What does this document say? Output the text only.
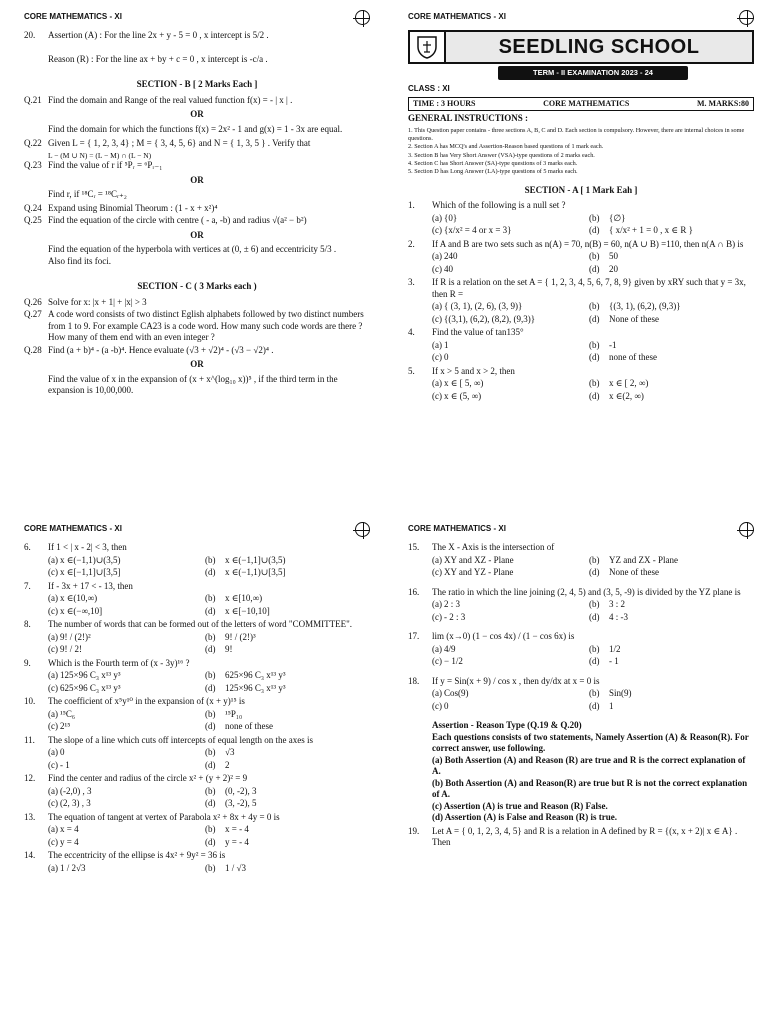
CORE MATHEMATICS - XI
20.	Assertion (A) : For the line 2x + y - 5 = 0 , x intercept is 5/2 .
Reason (R) : For the line ax + by + c = 0 , x intercept is -c/a .
SECTION - B [ 2 Marks Each ]
Q.21 Find the domain and Range of the real valued function f(x) = - | x | .
OR
Find the domain for which the functions f(x) = 2x² - 1 and g(x) = 1 - 3x are equal.
Q.22 Given L = { 1, 2, 3, 4} ; M = { 3, 4, 5, 6} and N = { 1, 3, 5 } . Verify that
L − (M ∪ N) = (L − M) ∩ (L − N)
Q.23 Find the value of r if ⁵Pᵣ = ⁶Pᵣ₋₁
OR
Find r, if ¹⁸Cᵣ = ¹⁸Cᵣ₊₂
Q.24 Expand using Binomial Theorum : (1 - x + x²)⁴
Q.25 Find the equation of the circle with centre ( - a, -b) and radius √(a² − b²)
OR
Find the equation of the hyperbola with vertices at (0, ± 6) and eccentricity 5/3 .
Also find its foci.
SECTION - C ( 3 Marks each )
Q.26 Solve for x: |x + 1| + |x| > 3
Q.27 A code word consists of two distinct Eglish alphabets followed by two distinct numbers from 1 to 9. For example CA23 is a code word. How many such code words are there ? How many of them end with an even integer ?
Q.28 Find (a + b)⁴ - (a -b)⁴. Hence evaluate (√3 + √2)⁴ - (√3 − √2)⁴ .
OR
Find the value of x in the expansion of (x + x^(log₁₀ x))⁵ , if the third term in the expansion is 10,00,000.
CORE MATHEMATICS - XI
SEEDLING SCHOOL
TERM - II EXAMINATION 2023 - 24
CLASS : XI
TIME : 3 HOURS	CORE MATHEMATICS	M. MARKS:80
GENERAL INSTRUCTIONS :
1. This Question paper contains - three sections A, B, C and D. Each section is compulsory. However, there are internal choices in some questions.
2. Section A has MCQ's and Assertion-Reason based questions of 1 mark each.
3. Section B has Very Short Answer (VSA)-type questions of 2 marks each.
4. Section C has Short Answer (SA)-type questions of 3 marks each.
5. Section D has Long Answer (LA)-type questions of 5 marks each.
SECTION - A [ 1 Mark Eah ]
1.	Which of the following is a null set ?
(a) {0}	(b)	{∅}
(c) {x/x² = 4 or x = 3}	(d)	{ x/x² + 1 = 0 , x ∈ R }
2.	If A and B are two sets such as n(A) = 70, n(B) = 60, n(A ∪ B) =110, then n(A ∩ B) is
(a) 240	(b)	50
(c) 40	(d)	20
3.	If R is a relation on the set A = { 1, 2, 3, 4, 5, 6, 7, 8, 9} given by xRY such that y = 3x, then R =
(a) { (3, 1), (2, 6), (3, 9)}	(b)	{(3, 1), (6,2), (9,3)}
(c) {(3,1), (6,2), (8,2), (9,3)}	(d)	None of these
4.	Find the value of tan135°
(a) 1	(b)	-1
(c) 0	(d)	none of these
5.	If x > 5 and x > 2, then
(a) x ∈ [ 5, ∞)	(b)	x ∈ [ 2, ∞)
(c) x ∈ (5, ∞)	(d)	x ∈(2, ∞)
CORE MATHEMATICS - XI
6.	If 1 < | x - 2| < 3, then
(a) x ∈(−1,1)∪(3,5)	(b)	x ∈(−1,1]∪(3,5)
(c) x ∈[−1,1]∪[3,5]	(d)	x ∈(−1,1)∪[3,5]
7.	If - 3x + 17 < - 13, then
(a) x ∈(10,∞)	(b)	x ∈[10,∞)
(c) x ∈(−∞,10]	(d)	x ∈[−10,10]
8.	The number of words that can be formed out of the letters of word "COMMITTEE".
(a) 9! / (2!)²	(b)	9! / (2!)³
(c) 9! / 2!	(d)	9!
9.	Which is the Fourth term of (x - 3y)¹⁶ ?
(a) 125×96 C₃ x¹³ y³	(b)	625×96 C₃ x¹³ y³
(c) 625×96 C₃ x¹³ y³	(d)	125×96 C₃ x¹³ y³
10.	The coefficient of x⁵y¹⁰ in the expansion of (x + y)¹⁵ is
(a) ¹⁵C₆	(b)	¹⁵P₁₀
(c) 2¹⁵	(d)	none of these
11.	The slope of a line which cuts off intercepts of equal length on the axes is
(a) 0	(b)	√3
(c) - 1	(d)	2
12.	Find the center and radius of the circle x² + (y + 2)² = 9
(a) (-2,0) , 3	(b)	(0, -2), 3
(c) (2, 3) , 3	(d)	(3, -2), 5
13.	The equation of tangent at vertex of Parabola x² + 8x + 4y = 0 is
(a) x = 4	(b)	x = - 4
(c) y = 4	(d)	y = - 4
14.	The eccentricity of the ellipse is 4x² + 9y² = 36 is
(a) 1 / 2√3	(b)	1 / √3
CORE MATHEMATICS - XI
15.	The X - Axis is the intersection of
(a) XY and XZ - Plane	(b)	YZ and ZX - Plane
(c) XY and YZ - Plane	(d)	None of these
16.	The ratio in which the line joining (2, 4, 5) and (3, 5, -9) is divided by the YZ plane is
(a) 2 : 3	(b)	3 : 2
(c) - 2 : 3	(d)	4 : -3
17.	lim (x→0) (1 − cos 4x) / (1 − cos 6x) is
(a) 4/9	(b)	1/2
(c) − 1/2	(d)	- 1
18.	If y = Sin(x + 9) / cos x , then dy/dx at x = 0 is
(a) Cos(9)	(b)	Sin(9)
(c) 0	(d)	1
Assertion - Reason Type (Q.19 & Q.20)
Each questions consists of two statements, Namely Assertion (A) & Reason(R). For correct answer, use following.
(a) Both Assertion (A) and Reason (R) are true and R is the correct explanation of A.
(b) Both Assertion (A) and Reason(R) are true but R is not the correct explanation of A.
(c) Assertion (A) is true and Reason (R) False.
(d) Assertion (A) is False and Reason (R) is true.
19.	Let A = { 0, 1, 2, 3, 4, 5} and R is a relation in A defined by R = {(x, x + 2)| x ∈ A} . Then
